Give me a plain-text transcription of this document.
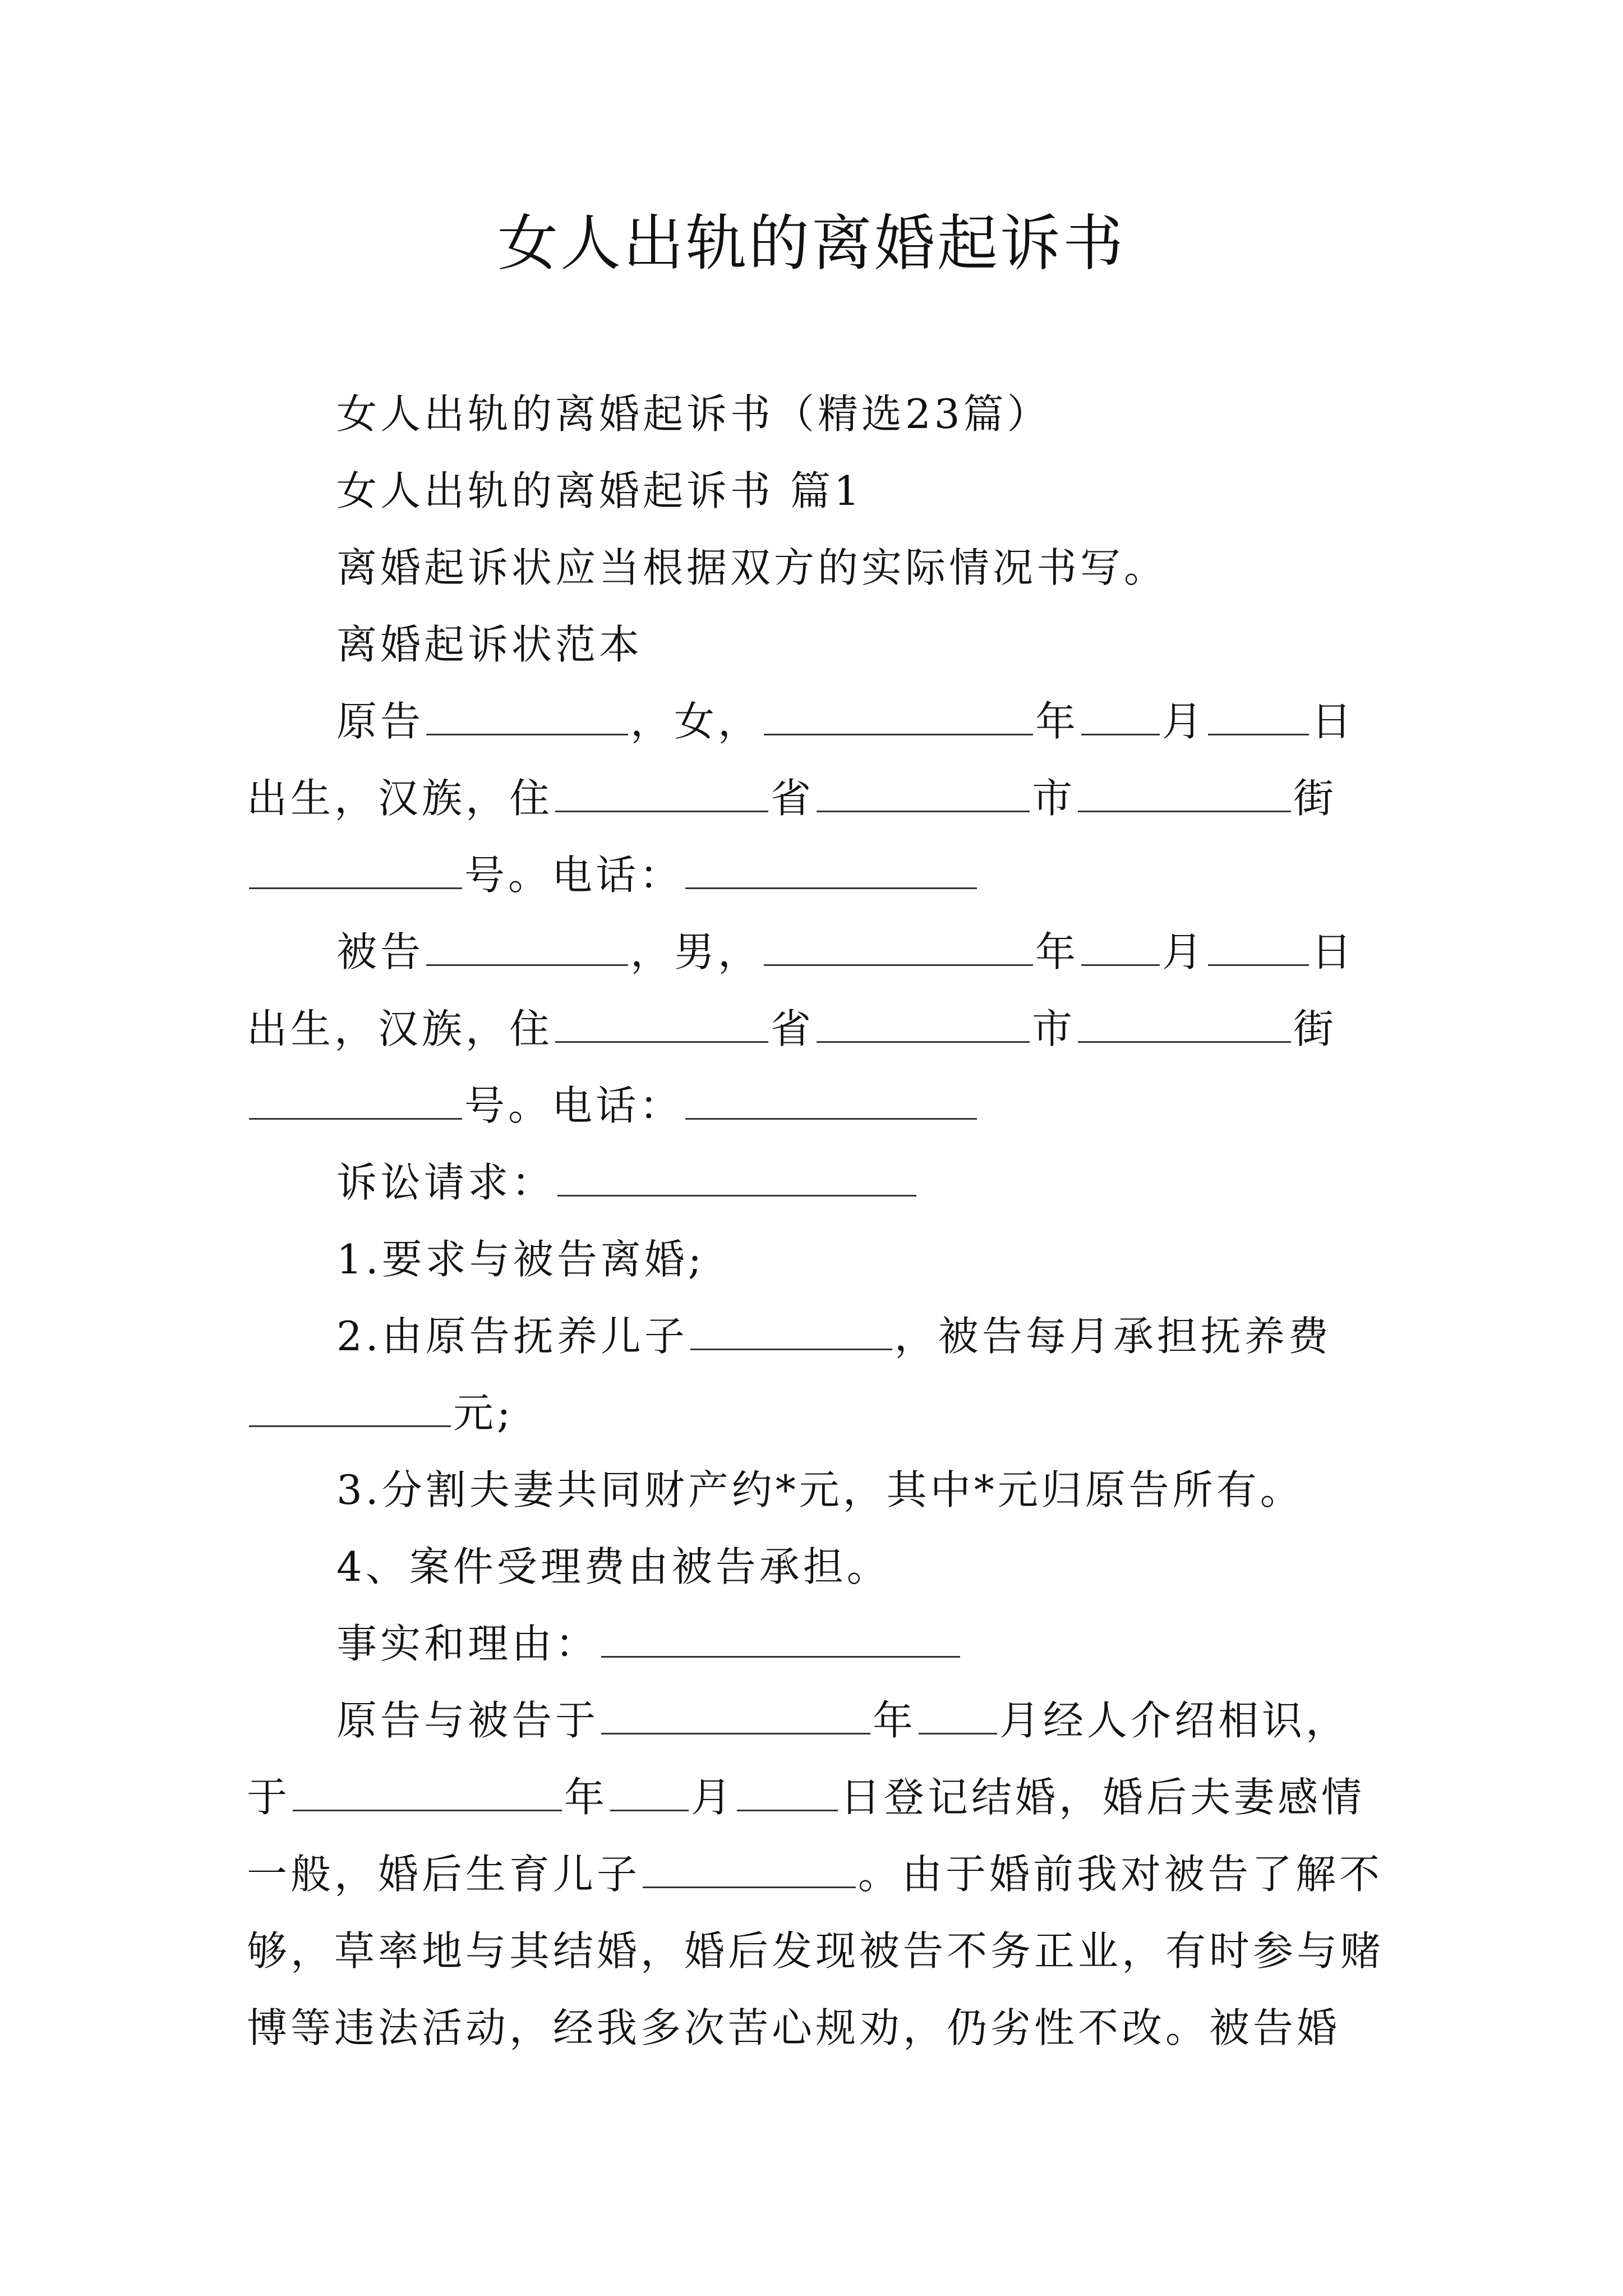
女人出轨的离婚起诉书

女人出轨的离婚起诉书（精选23篇）

女人出轨的离婚起诉书 篇1

离婚起诉状应当根据双方的实际情况书写。

离婚起诉状范本

原告	，女，	年 月	日出生，汉族，住	省	市	街号。电话：

被告	，男，	年 月	日出生，汉族，住	省	市	街号。电话：

诉讼请求：

1.要求与被告离婚;

2.由原告抚养儿子	，被告每月承担抚养费元;

3.分割夫妻共同财产约*元，其中*元归原告所有。

4、案件受理费由被告承担。

事实和理由：

原告与被告于	年 月经人介绍相识，于	年 月	日登记结婚，婚后夫妻感情一般，婚后生育儿子	。由于婚前我对被告了解不够，草率地与其结婚，婚后发现被告不务正业，有时参与赌博等违法活动，经我多次苦心规劝，仍劣性不改。被告婚
